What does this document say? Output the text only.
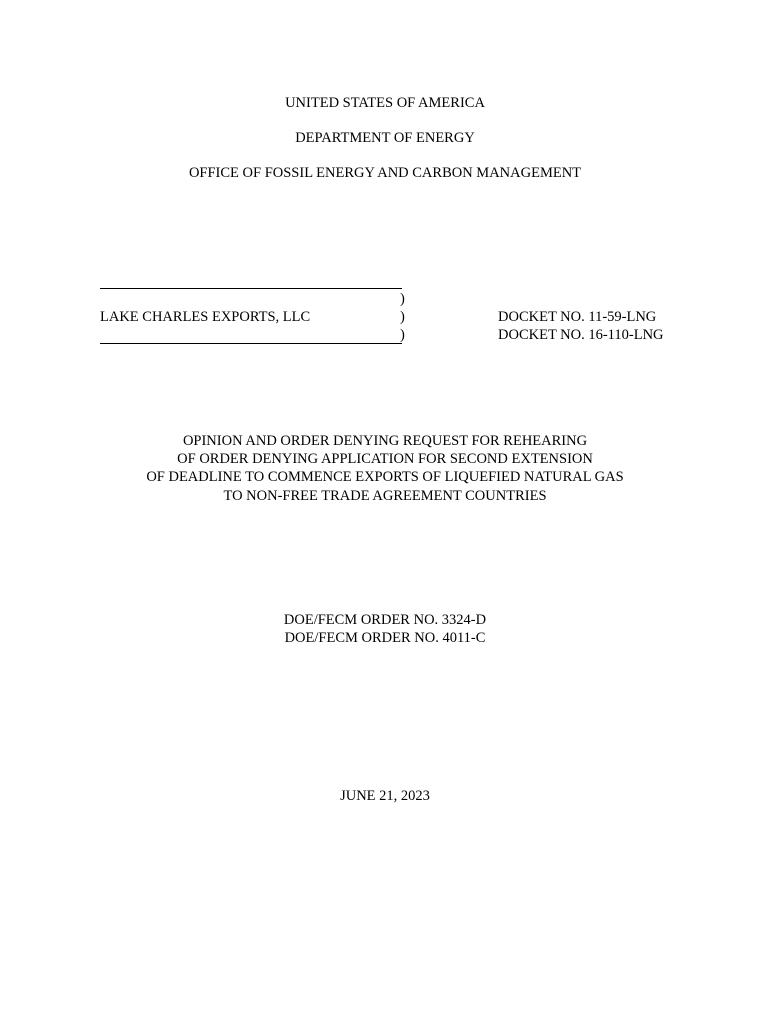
UNITED STATES OF AMERICA
DEPARTMENT OF ENERGY
OFFICE OF FOSSIL ENERGY AND CARBON MANAGEMENT
)
LAKE CHARLES EXPORTS, LLC	)	DOCKET NO. 11-59-LNG
)	DOCKET NO. 16-110-LNG
OPINION AND ORDER DENYING REQUEST FOR REHEARING
OF ORDER DENYING APPLICATION FOR SECOND EXTENSION
OF DEADLINE TO COMMENCE EXPORTS OF LIQUEFIED NATURAL GAS
TO NON-FREE TRADE AGREEMENT COUNTRIES
DOE/FECM ORDER NO. 3324-D
DOE/FECM ORDER NO. 4011-C
JUNE 21, 2023
